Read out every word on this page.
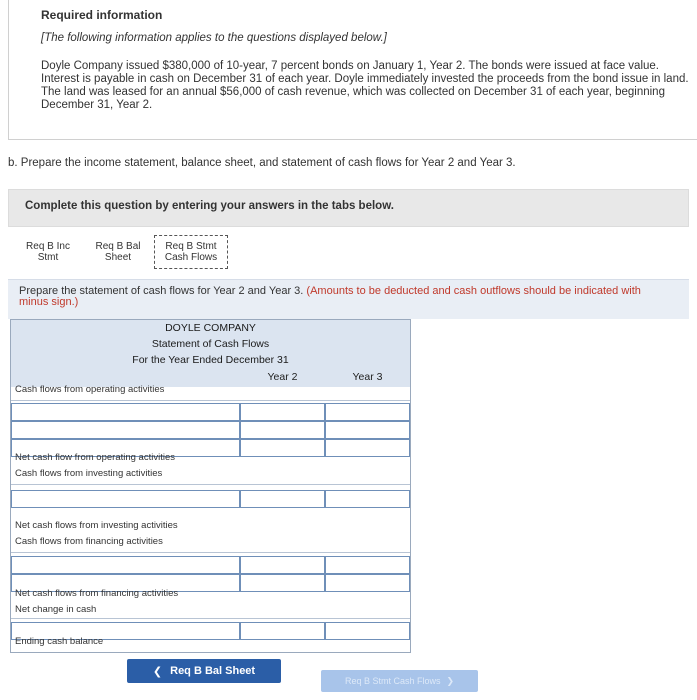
Required information
[The following information applies to the questions displayed below.]
Doyle Company issued $380,000 of 10-year, 7 percent bonds on January 1, Year 2. The bonds were issued at face value. Interest is payable in cash on December 31 of each year. Doyle immediately invested the proceeds from the bond issue in land. The land was leased for an annual $56,000 of cash revenue, which was collected on December 31 of each year, beginning December 31, Year 2.
b. Prepare the income statement, balance sheet, and statement of cash flows for Year 2 and Year 3.
Complete this question by entering your answers in the tabs below.
Req B Inc
Stmt
Req B Bal
Sheet
Req B Stmt
Cash Flows
Prepare the statement of cash flows for Year 2 and Year 3. (Amounts to be deducted and cash outflows should be indicated with minus sign.)
DOYLE COMPANY
Statement of Cash Flows
For the Year Ended December 31
Year 2	Year 3
Cash flows from operating activities
Net cash flow from operating activities
Cash flows from investing activities
Net cash flows from investing activities
Cash flows from financing activities
Net cash flows from financing activities
Net change in cash
Ending cash balance
❮ Req B Bal Sheet
Req B Stmt Cash Flows ❯
